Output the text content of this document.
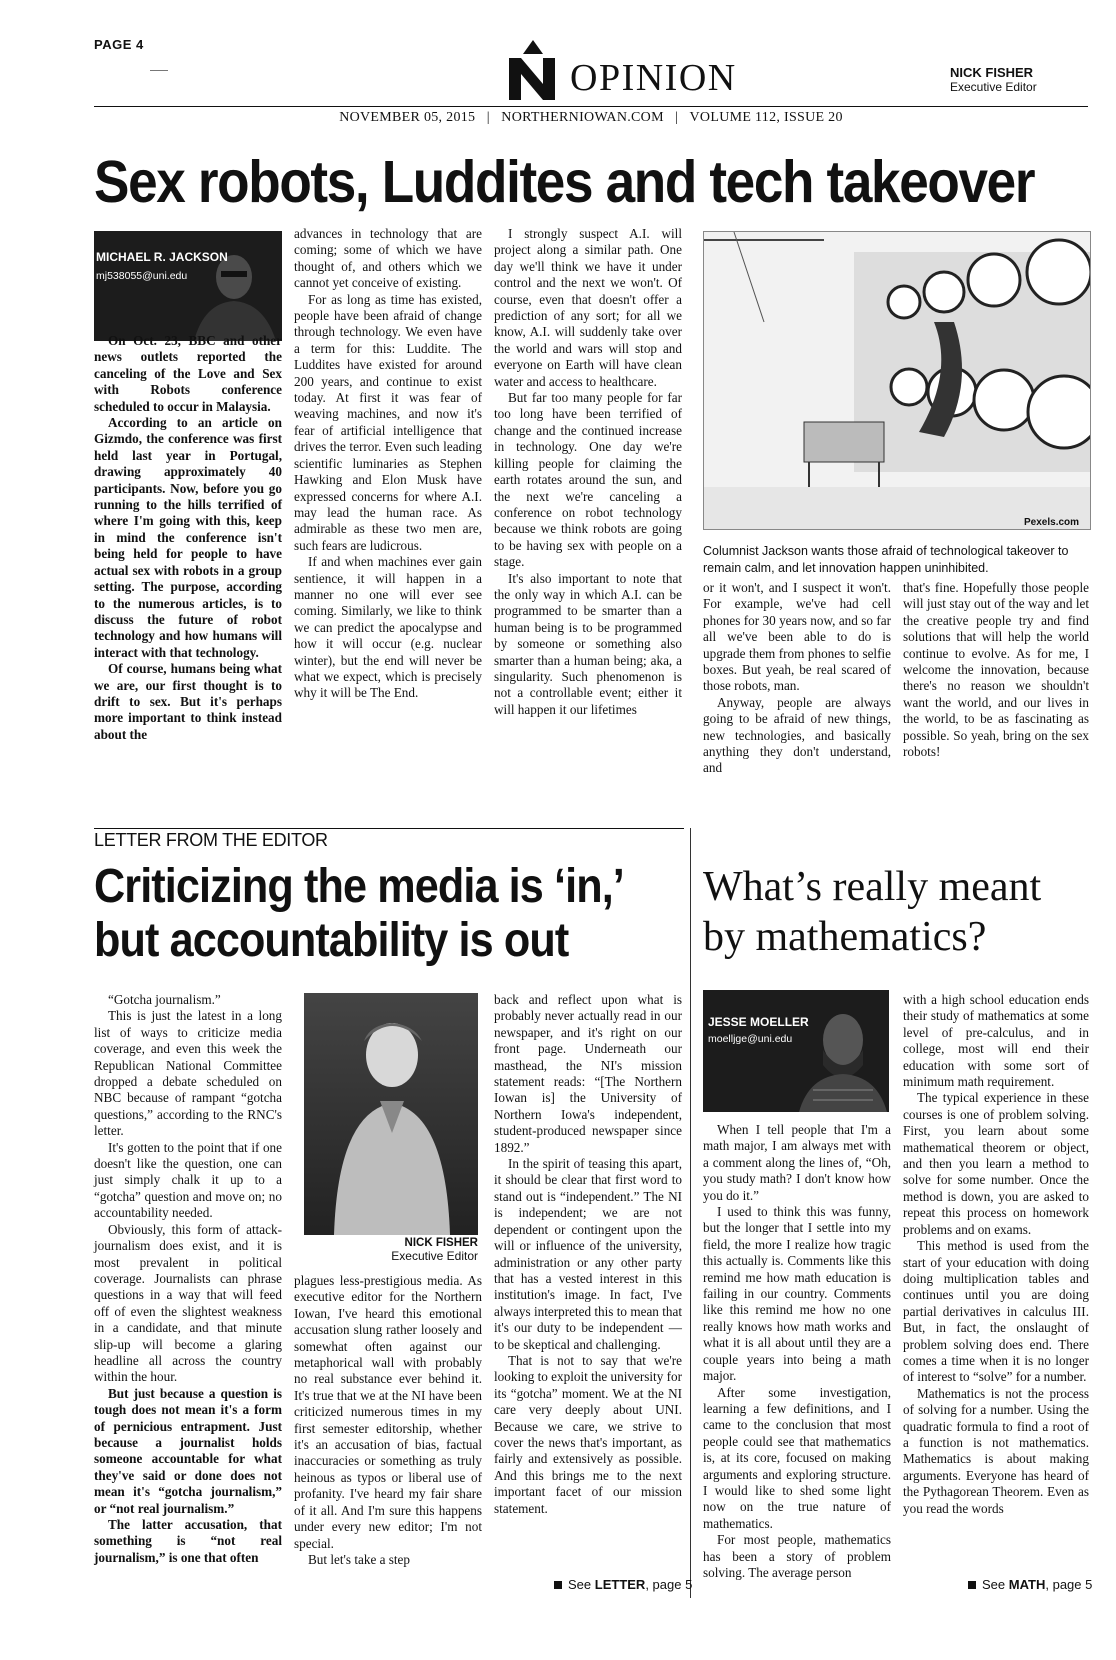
PAGE 4
OPINION	NICK FISHER
Executive Editor
NOVEMBER 05, 2015 | NORTHERNIOWAN.COM | VOLUME 112, ISSUE 20
Sex robots, Luddites and tech takeover
MICHAEL R. JACKSON
mj538055@uni.edu

On Oct. 23, BBC and other news outlets reported the canceling of the Love and Sex with Robots conference scheduled to occur in Malaysia.

According to an article on Gizmdo, the conference was first held last year in Portugal, drawing approximately 40 participants. Now, before you go running to the hills terrified of where I'm going with this, keep in mind the conference isn't being held for people to have actual sex with robots in a group setting. The purpose, according to the numerous articles, is to discuss the future of robot technology and how humans will interact with that technology.

Of course, humans being what we are, our first thought is to drift to sex. But it's perhaps more important to think instead about the

advances in technology that are coming; some of which we have thought of, and others which we cannot yet conceive of existing.

For as long as time has existed, people have been afraid of change through technology. We even have a term for this: Luddite. The Luddites have existed for around 200 years, and continue to exist today. At first it was fear of weaving machines, and now it's fear of artificial intelligence that drives the terror. Even such leading scientific luminaries as Stephen Hawking and Elon Musk have expressed concerns for where A.I. may lead the human race. As admirable as these two men are, such fears are ludicrous.

If and when machines ever gain sentience, it will happen in a manner no one will ever see coming. Similarly, we like to think we can predict the apocalypse and how it will occur (e.g. nuclear winter), but the end will never be what we expect, which is precisely why it will be The End.

I strongly suspect A.I. will project along a similar path. One day we'll think we have it under control and the next we won't. Of course, even that doesn't offer a prediction of any sort; for all we know, A.I. will suddenly take over the world and wars will stop and everyone on Earth will have clean water and access to healthcare.

But far too many people for far too long have been terrified of change and the continued increase in technology. One day we're killing people for claiming the earth rotates around the sun, and the next we're canceling a conference on robot technology because we think robots are going to be having sex with people on a stage.

It's also important to note that the only way in which A.I. can be programmed to be smarter than a human being is to be programmed by someone or something also smarter than a human being; aka, a singularity. Such phenomenon is not a controllable event; either it will happen it our lifetimes

Pexels.com
Columnist Jackson wants those afraid of technological takeover to remain calm, and let innovation happen uninhibited.

or it won't, and I suspect it won't. For example, we've had cell phones for 30 years now, and so far all we've been able to do is upgrade them from phones to selfie boxes. But yeah, be real scared of those robots, man.

Anyway, people are always going to be afraid of new things, new technologies, and basically anything they don't understand, and

that's fine. Hopefully those people will just stay out of the way and let the creative people try and find solutions that will help the world continue to evolve. As for me, I welcome the innovation, because there's no reason we shouldn't want the world, and our lives in the world, to be as fascinating as possible. So yeah, bring on the sex robots!

LETTER FROM THE EDITOR
Criticizing the media is ‘in,’
but accountability is out

“Gotcha journalism.”

This is just the latest in a long list of ways to criticize media coverage, and even this week the Republican National Committee dropped a debate scheduled on NBC because of rampant “gotcha questions,” according to the RNC's letter.

It's gotten to the point that if one doesn't like the question, one can just simply chalk it up to a “gotcha” question and move on; no accountability needed.

Obviously, this form of attack-journalism does exist, and it is most prevalent in political coverage. Journalists can phrase questions in a way that will feed off of even the slightest weakness in a candidate, and that minute slip-up will become a glaring headline all across the country within the hour.

But just because a question is tough does not mean it's a form of pernicious entrapment. Just because a journalist holds someone accountable for what they've said or done does not mean it's “gotcha journalism,” or “not real journalism.”

The latter accusation, that something is “not real journalism,” is one that often

NICK FISHER
Executive Editor

plagues less-prestigious media. As executive editor for the Northern Iowan, I've heard this emotional accusation slung rather loosely and somewhat often against our metaphorical wall with probably no real substance ever behind it. It's true that we at the NI have been criticized numerous times in my first semester editorship, whether it's an accusation of bias, factual inaccuracies or something as truly heinous as typos or liberal use of profanity. I've heard my fair share of it all. And I'm sure this happens under every new editor; I'm not special.

But let's take a step

back and reflect upon what is probably never actually read in our newspaper, and it's right on our front page. Underneath our masthead, the NI's mission statement reads: “[The Northern Iowan is] the University of Northern Iowa's independent, student-produced newspaper since 1892.”

In the spirit of teasing this apart, it should be clear that first word to stand out is “independent.” The NI is independent; we are not dependent or contingent upon the will or influence of the university, administration or any other party that has a vested interest in this institution's image. In fact, I've always interpreted this to mean that it's our duty to be independent — to be skeptical and challenging.

That is not to say that we're looking to exploit the university for its “gotcha” moment. We at the NI care very deeply about UNI. Because we care, we strive to cover the news that's important, as fairly and extensively as possible. And this brings me to the next important facet of our mission statement.

See LETTER, page 5
What’s really meant
by mathematics?
JESSE MOELLER
moelljge@uni.edu

When I tell people that I'm a math major, I am always met with a comment along the lines of, “Oh, you study math? I don't know how you do it.”

I used to think this was funny, but the longer that I settle into my field, the more I realize how tragic this actually is. Comments like this remind me how math education is failing in our country. Comments like this remind me how no one really knows how math works and what it is all about until they are a couple years into being a math major.

After some investigation, learning a few definitions, and I came to the conclusion that most people could see that mathematics is, at its core, focused on making arguments and exploring structure. I would like to shed some light now on the true nature of mathematics.

For most people, mathematics has been a story of problem solving. The average person

with a high school education ends their study of mathematics at some level of pre-calculus, and in college, most will end their education with some sort of minimum math requirement.

The typical experience in these courses is one of problem solving. First, you learn about some mathematical theorem or object, and then you learn a method to solve for some number. Once the method is down, you are asked to repeat this process on homework problems and on exams.

This method is used from the start of your education with doing doing multiplication tables and continues until you are doing partial derivatives in calculus III. But, in fact, the onslaught of problem solving does end. There comes a time when it is no longer of interest to “solve” for a number.

Mathematics is not the process of solving for a number. Using the quadratic formula to find a root of a function is not mathematics. Mathematics is about making arguments. Everyone has heard of the Pythagorean Theorem. Even as you read the words

See MATH, page 5
